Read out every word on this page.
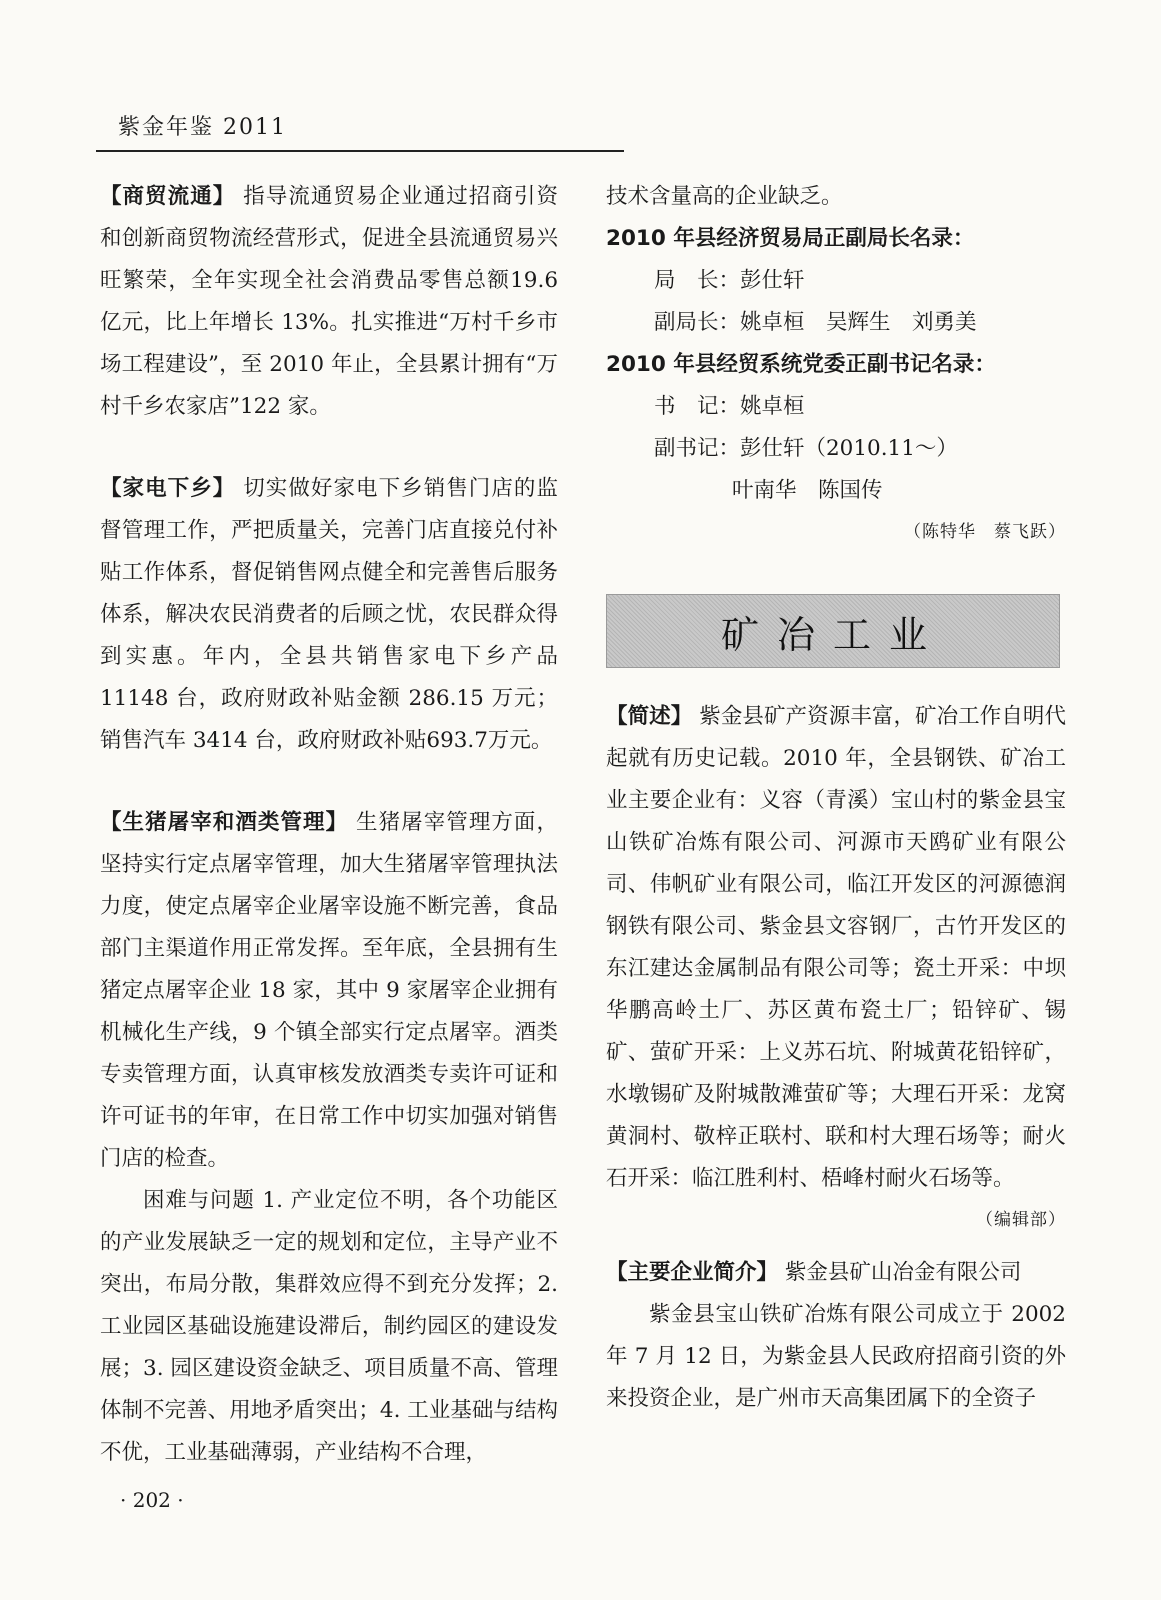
紫金年鉴 2011

【商贸流通】 指导流通贸易企业通过招商引资和创新商贸物流经营形式，促进全县流通贸易兴旺繁荣，全年实现全社会消费品零售总额19.6 亿元，比上年增长 13%。扎实推进“万村千乡市场工程建设”，至 2010 年止，全县累计拥有“万村千乡农家店”122 家。

【家电下乡】 切实做好家电下乡销售门店的监督管理工作，严把质量关，完善门店直接兑付补贴工作体系，督促销售网点健全和完善售后服务体系，解决农民消费者的后顾之忧，农民群众得到实惠。年内，全县共销售家电下乡产品 11148 台，政府财政补贴金额 286.15 万元；销售汽车 3414 台，政府财政补贴693.7万元。

【生猪屠宰和酒类管理】 生猪屠宰管理方面，坚持实行定点屠宰管理，加大生猪屠宰管理执法力度，使定点屠宰企业屠宰设施不断完善，食品部门主渠道作用正常发挥。至年底，全县拥有生猪定点屠宰企业 18 家，其中 9 家屠宰企业拥有机械化生产线，9 个镇全部实行定点屠宰。酒类专卖管理方面，认真审核发放酒类专卖许可证和许可证书的年审，在日常工作中切实加强对销售门店的检查。

困难与问题 1. 产业定位不明，各个功能区的产业发展缺乏一定的规划和定位，主导产业不突出，布局分散，集群效应得不到充分发挥；2. 工业园区基础设施建设滞后，制约园区的建设发展；3. 园区建设资金缺乏、项目质量不高、管理体制不完善、用地矛盾突出；4. 工业基础与结构不优，工业基础薄弱，产业结构不合理，

技术含量高的企业缺乏。

2010 年县经济贸易局正副局长名录：

局　长：彭仕轩

副局长：姚卓桓　吴辉生　刘勇美

2010 年县经贸系统党委正副书记名录：

书　记：姚卓桓

副书记：彭仕轩（2010.11～）

叶南华　陈国传

（陈特华　蔡飞跃）

矿冶工业

【简述】 紫金县矿产资源丰富，矿冶工作自明代起就有历史记载。2010 年，全县钢铁、矿冶工业主要企业有：义容（青溪）宝山村的紫金县宝山铁矿冶炼有限公司、河源市天鸥矿业有限公司、伟帆矿业有限公司，临江开发区的河源德润钢铁有限公司、紫金县文容钢厂，古竹开发区的东江建达金属制品有限公司等；瓷土开采：中坝华鹏高岭土厂、苏区黄布瓷土厂；铅锌矿、锡矿、萤矿开采：上义苏石坑、附城黄花铅锌矿，水墩锡矿及附城散滩萤矿等；大理石开采：龙窝黄洞村、敬梓正联村、联和村大理石场等；耐火石开采：临江胜利村、梧峰村耐火石场等。

（编辑部）

【主要企业简介】 紫金县矿山冶金有限公司

紫金县宝山铁矿冶炼有限公司成立于 2002 年 7 月 12 日，为紫金县人民政府招商引资的外来投资企业，是广州市天高集团属下的全资子

· 202 ·
